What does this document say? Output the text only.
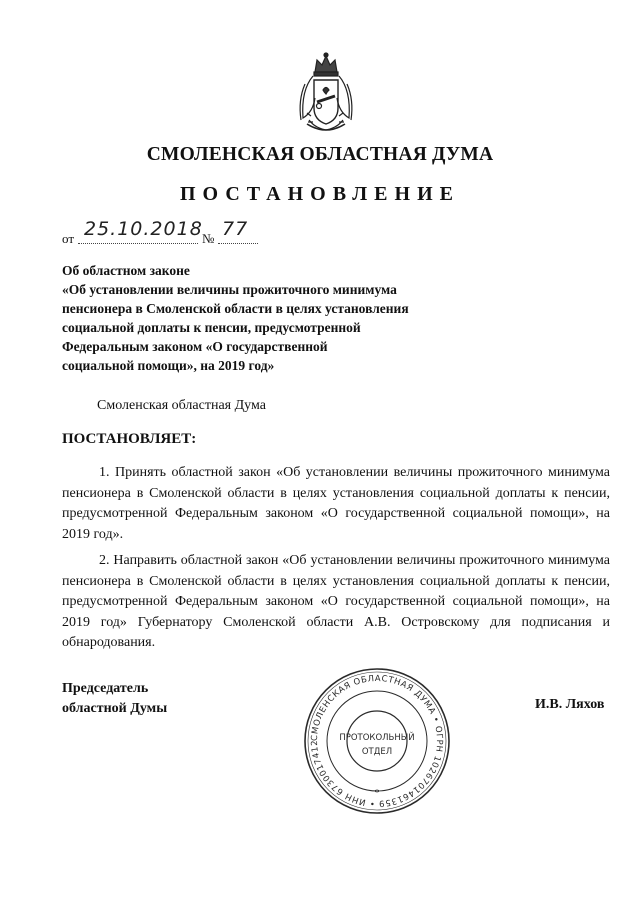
СМОЛЕНСКАЯ ОБЛАСТНАЯ ДУМА
ПОСТАНОВЛЕНИЕ
от 25.10.2018 № 77
Об областном законе
«Об установлении величины прожиточного минимума
пенсионера в Смоленской области в целях установления
социальной доплаты к пенсии, предусмотренной
Федеральным законом «О государственной
социальной помощи», на 2019 год»
Смоленская областная Дума
ПОСТАНОВЛЯЕТ:
1. Принять областной закон «Об установлении величины прожиточного минимума пенсионера в Смоленской области в целях установления социальной доплаты к пенсии, предусмотренной Федеральным законом «О государственной социальной помощи», на 2019 год».
2. Направить областной закон «Об установлении величины прожиточного минимума пенсионера в Смоленской области в целях установления социальной доплаты к пенсии, предусмотренной Федеральным законом «О государственной социальной помощи», на 2019 год» Губернатору Смоленской области А.В. Островскому для подписания и обнародования.
Председатель
областной Думы	И.В. Ляхов
СМОЛЕНСКАЯ ОБЛАСТНАЯ ДУМА • ОГРН 1026701461359 • ИНН 6730017412	ПРОТОКОЛЬНЫЙ
ОТДЕЛ
*
